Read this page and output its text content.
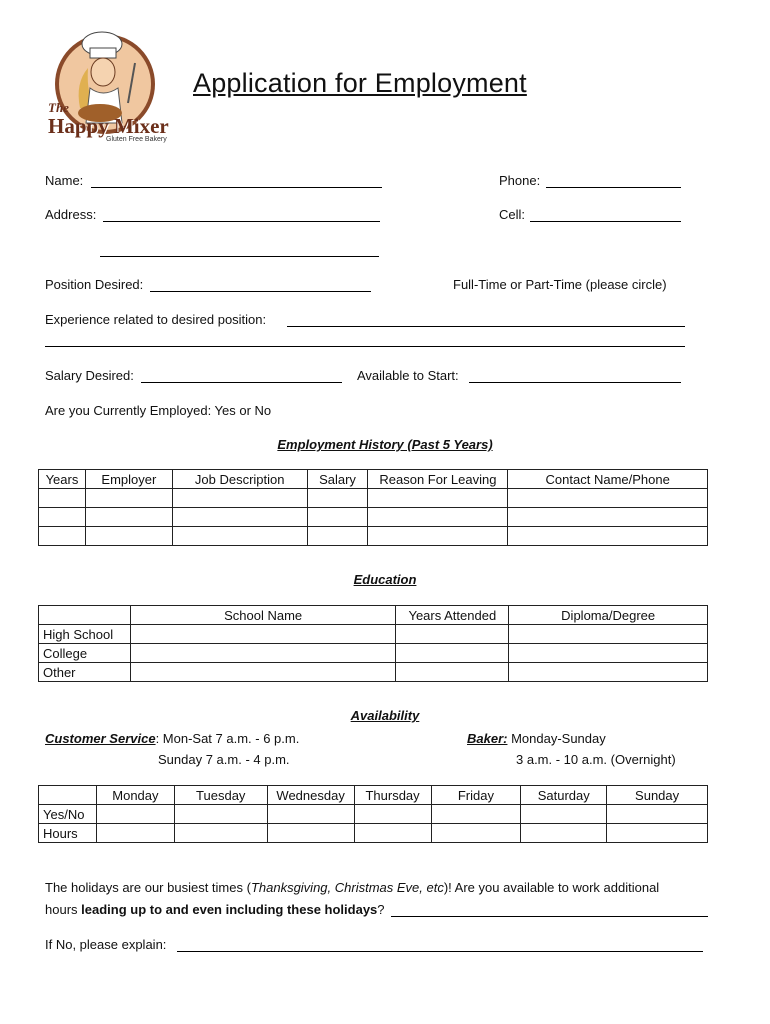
The
Happy Mixer
Gluten Free Bakery
Application for Employment
Name:	Phone:
Address:	Cell:
Position Desired:	Full-Time or Part-Time (please circle)
Experience related to desired position:
Salary Desired:	Available to Start:
Are you Currently Employed: Yes or No
Employment History (Past 5 Years)
Years	Employer	Job Description	Salary	Reason For Leaving	Contact Name/Phone

Education
	School Name	Years Attended	Diploma/Degree
High School			
College			
Other			
Availability
Customer Service: Mon-Sat 7 a.m. - 6 p.m.
Sunday 7 a.m. - 4 p.m.
Baker: Monday-Sunday
3 a.m. - 10 a.m. (Overnight)
	Monday	Tuesday	Wednesday	Thursday	Friday	Saturday	Sunday
Yes/No							
Hours							
The holidays are our busiest times (Thanksgiving, Christmas Eve, etc)! Are you available to work additional
hours leading up to and even including these holidays?
If No, please explain:
